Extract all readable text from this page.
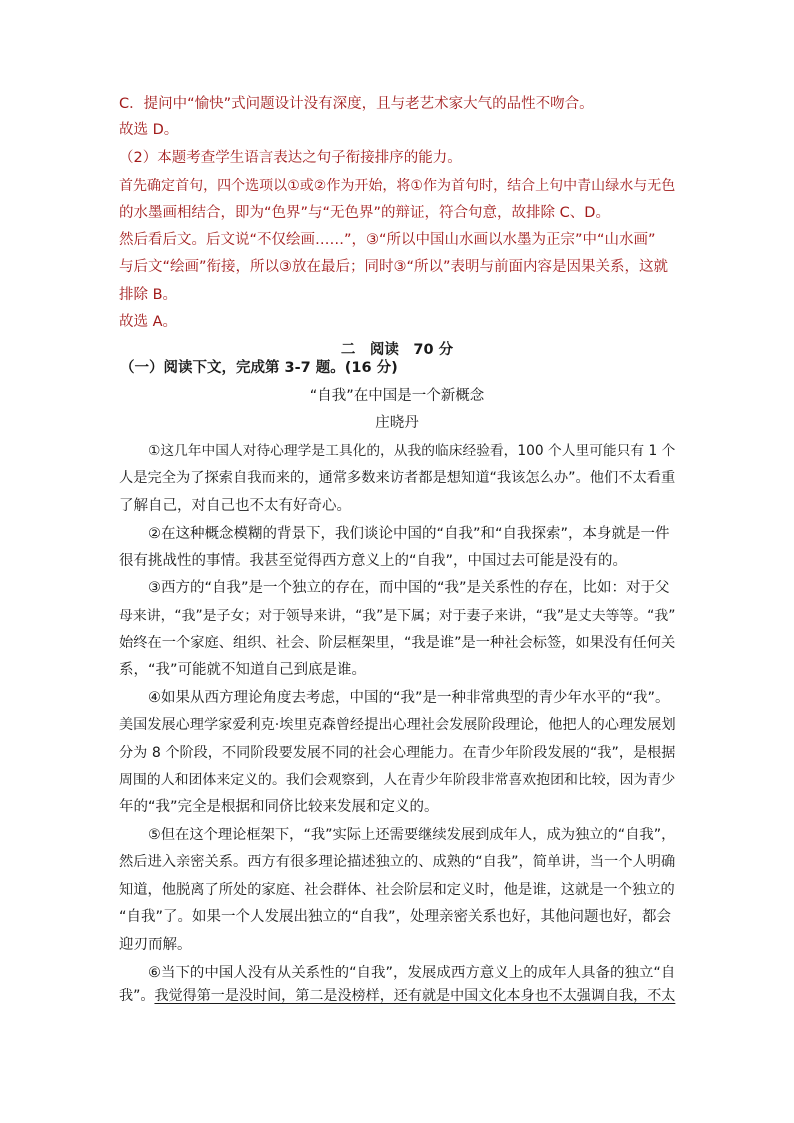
C．提问中“愉快”式问题设计没有深度，且与老艺术家大气的品性不吻合。
故选 D。
（2）本题考查学生语言表达之句子衔接排序的能力。
首先确定首句，四个选项以①或②作为开始，将①作为首句时，结合上句中青山绿水与无色
的水墨画相结合，即为“色界”与“无色界”的辩证，符合句意，故排除 C、D。
然后看后文。后文说“不仅绘画……”，③“所以中国山水画以水墨为正宗”中“山水画”
与后文“绘画”衔接，所以③放在最后；同时③“所以”表明与前面内容是因果关系，这就
排除 B。
故选 A。
二　阅读　70 分
（一）阅读下文，完成第 3-7 题。(16 分)
“自我”在中国是一个新概念
庄晓丹
①这几年中国人对待心理学是工具化的，从我的临床经验看，100 个人里可能只有 1 个
人是完全为了探索自我而来的，通常多数来访者都是想知道“我该怎么办”。他们不太看重
了解自己，对自己也不太有好奇心。
②在这种概念模糊的背景下，我们谈论中国的“自我”和“自我探索”，本身就是一件
很有挑战性的事情。我甚至觉得西方意义上的“自我”，中国过去可能是没有的。
③西方的“自我”是一个独立的存在，而中国的“我”是关系性的存在，比如：对于父
母来讲，“我”是子女；对于领导来讲，“我”是下属；对于妻子来讲，“我”是丈夫等等。“我”
始终在一个家庭、组织、社会、阶层框架里，“我是谁”是一种社会标签，如果没有任何关
系，“我”可能就不知道自己到底是谁。
④如果从西方理论角度去考虑，中国的“我”是一种非常典型的青少年水平的“我”。
美国发展心理学家爱利克·埃里克森曾经提出心理社会发展阶段理论，他把人的心理发展划
分为 8 个阶段，不同阶段要发展不同的社会心理能力。在青少年阶段发展的“我”，是根据
周围的人和团体来定义的。我们会观察到，人在青少年阶段非常喜欢抱团和比较，因为青少
年的“我”完全是根据和同侪比较来发展和定义的。
⑤但在这个理论框架下，“我”实际上还需要继续发展到成年人，成为独立的“自我”，
然后进入亲密关系。西方有很多理论描述独立的、成熟的“自我”，简单讲，当一个人明确
知道，他脱离了所处的家庭、社会群体、社会阶层和定义时，他是谁，这就是一个独立的
“自我”了。如果一个人发展出独立的“自我”，处理亲密关系也好，其他问题也好，都会
迎刃而解。
⑥当下的中国人没有从关系性的“自我”，发展成西方意义上的成年人具备的独立“自
我”。我觉得第一是没时间，第二是没榜样，还有就是中国文化本身也不太强调自我，不太
